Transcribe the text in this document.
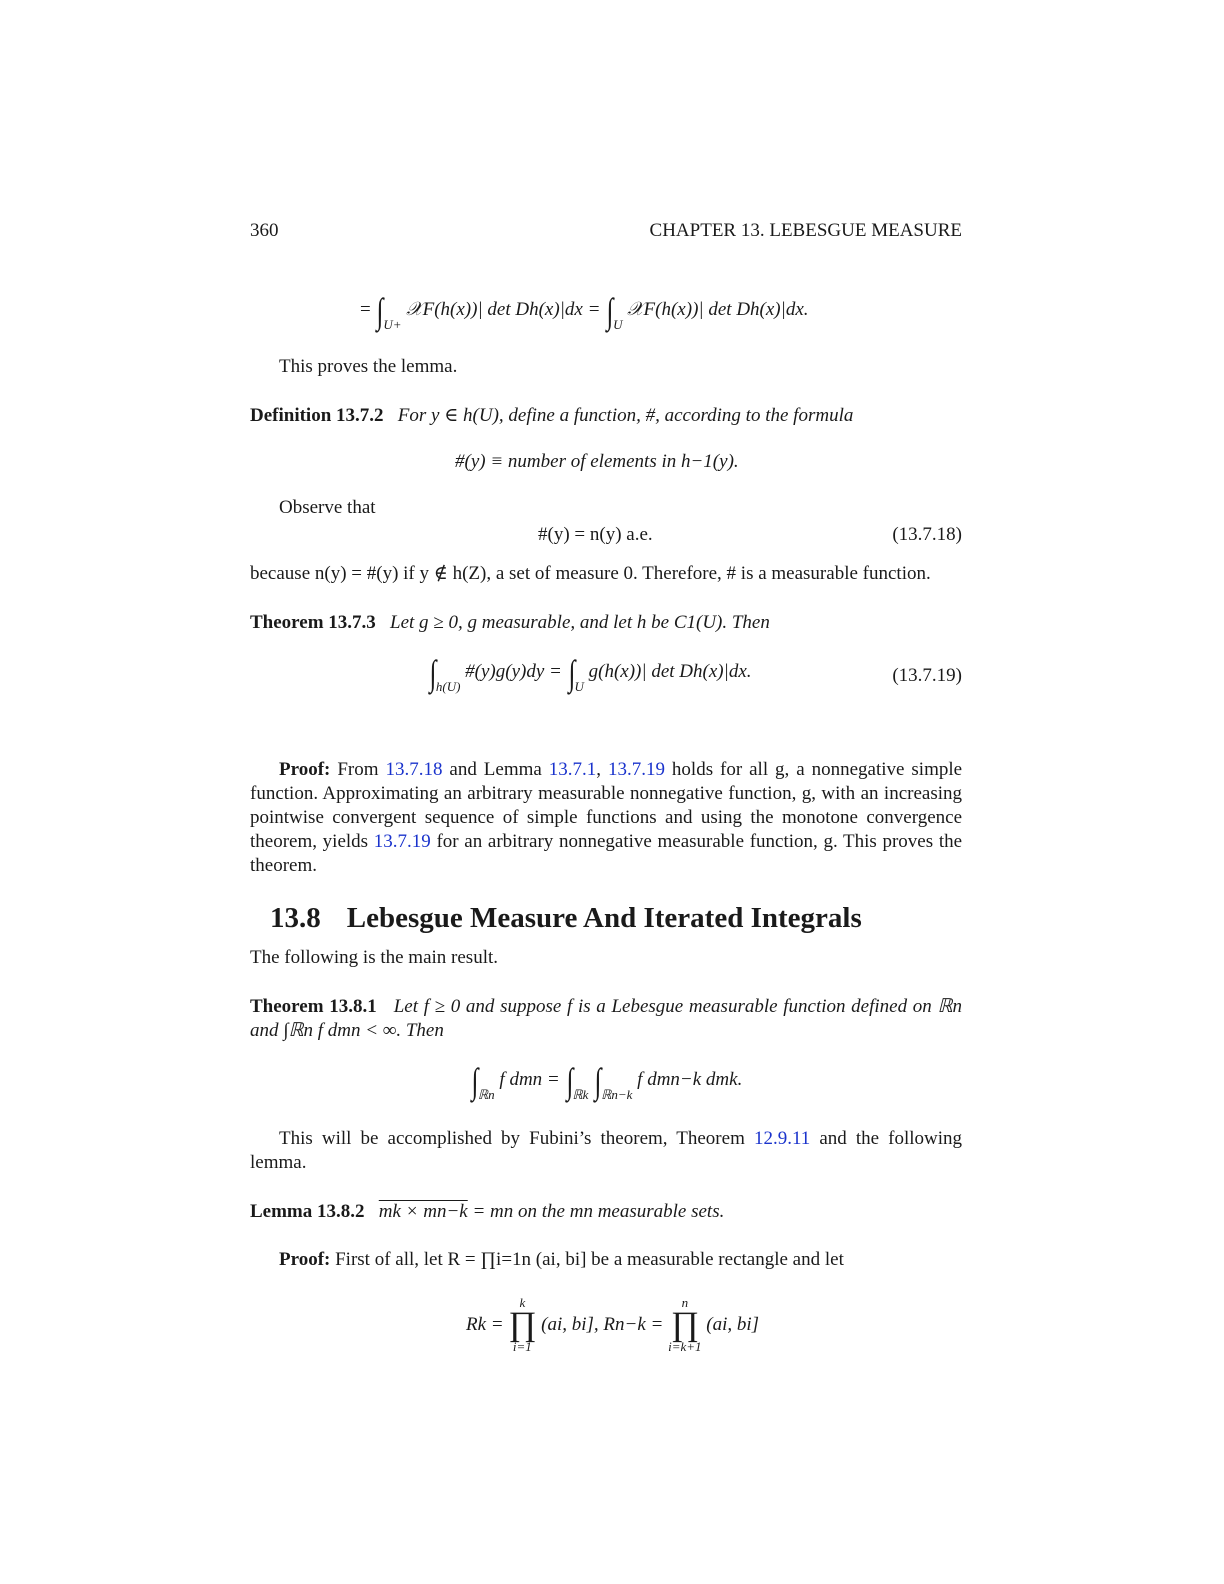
360	CHAPTER 13. LEBESGUE MEASURE
= $\int_{U+}$ 𝒳F(h(x))| $\det Dh(x)|dx = \int_U$ 𝒳F(h(x))| det Dh(x)|dx.
This proves the lemma.
Definition 13.7.2 For y ∈ h(U), define a function, #, according to the formula
#(y) ≡ number of elements in h−1(y).
Observe that
#(y) = n(y) a.e.	(13.7.18)
because n(y) = #(y) if y ∉ h(Z), a set of measure 0. Therefore, # is a measurable function.
Theorem 13.7.3 Let g ≥ 0, g measurable, and let h be C1(U). Then
$\int_{h(U)}$ #(y)g(y)dy = $\int_U$ g(h(x))| det Dh(x)|dx.	(13.7.19)
Proof: From 13.7.18 and Lemma 13.7.1, 13.7.19 holds for all g, a nonnegative simple function. Approximating an arbitrary measurable nonnegative function, g, with an increasing pointwise convergent sequence of simple functions and using the monotone convergence theorem, yields 13.7.19 for an arbitrary nonnegative measurable function, g. This proves the theorem.
13.8 Lebesgue Measure And Iterated Integrals
The following is the main result.
Theorem 13.8.1 Let f ≥ 0 and suppose f is a Lebesgue measurable function defined on ℝn and ∫ℝn f dmn < ∞. Then
$\int_{ℝn}$ f dmn = $\int_{ℝk}$ $\int_{ℝn-k}$ f dmn−k dmk.
This will be accomplished by Fubini’s theorem, Theorem 12.9.11 and the following lemma.
Lemma 13.8.2 mk × mn−k = mn on the mn measurable sets.
Proof: First of all, let R = ∏i=1n (ai, bi] be a measurable rectangle and let
Rk =
k
∏
i=1
(ai, bi], Rn−k =
n
∏
i=k+1
(ai, bi]
